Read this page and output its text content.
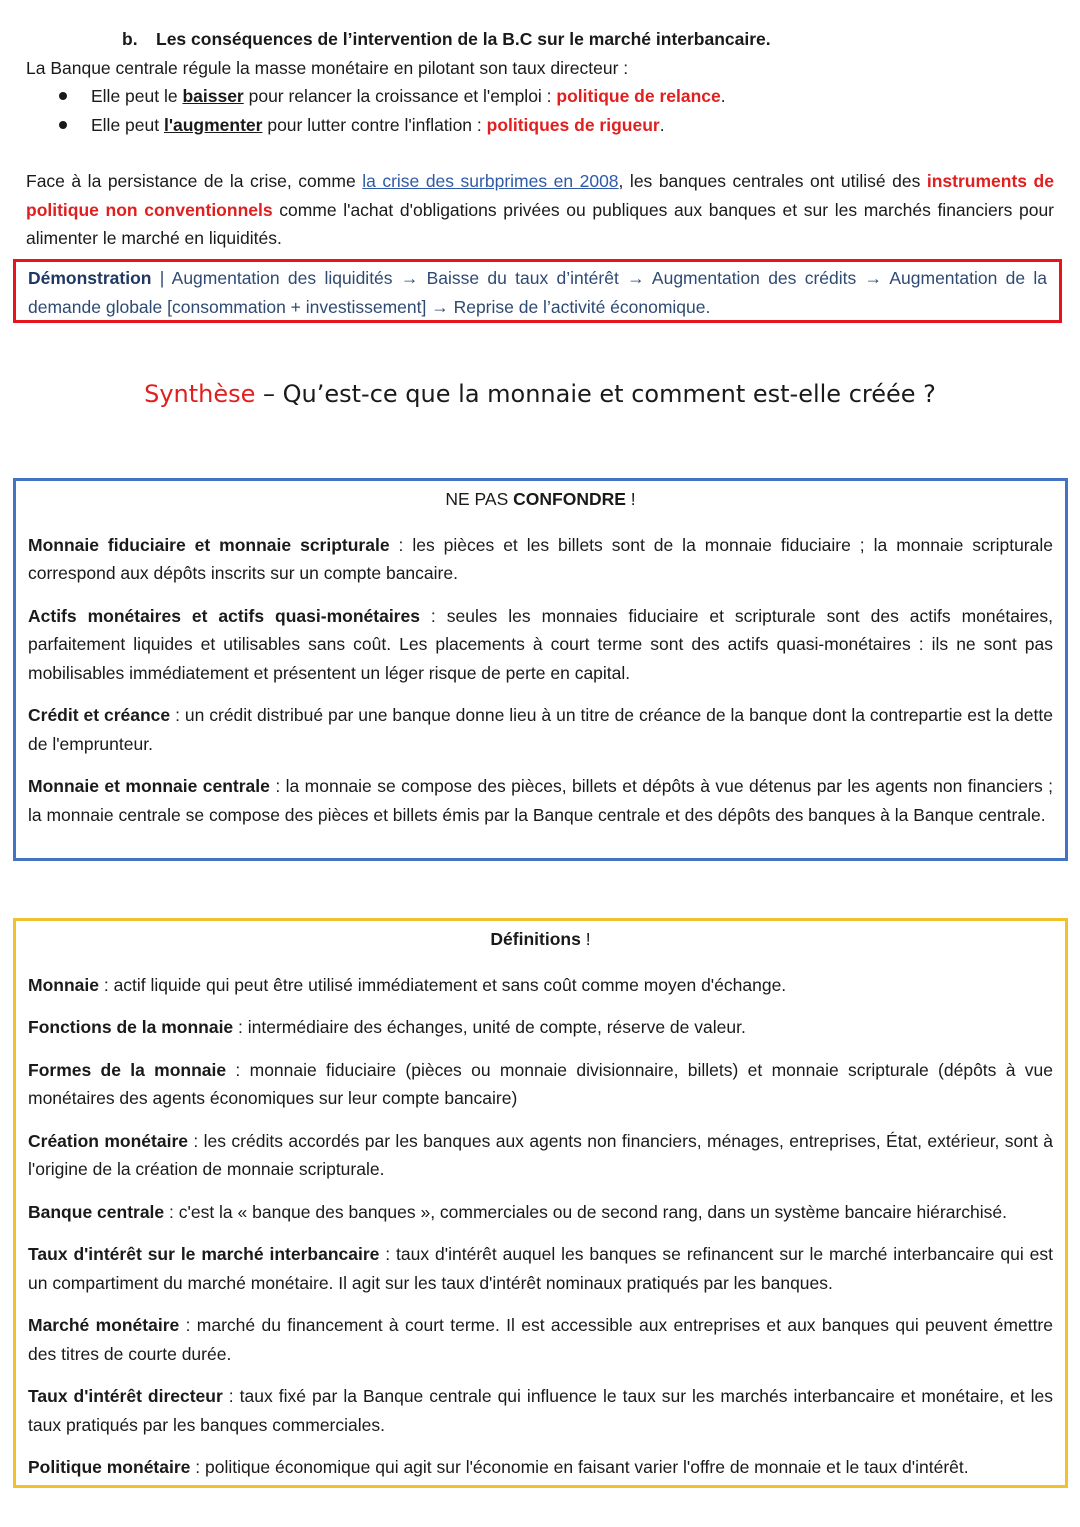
b. Les conséquences de l’intervention de la B.C sur le marché interbancaire.
La Banque centrale régule la masse monétaire en pilotant son taux directeur :
Elle peut le baisser pour relancer la croissance et l'emploi : politique de relance.
Elle peut l'augmenter pour lutter contre l'inflation : politiques de rigueur.

Face à la persistance de la crise, comme la crise des surbprimes en 2008, les banques centrales ont utilisé des instruments de politique non conventionnels comme l'achat d'obligations privées ou publiques aux banques et sur les marchés financiers pour alimenter le marché en liquidités.

Démonstration | Augmentation des liquidités → Baisse du taux d’intérêt → Augmentation des crédits → Augmentation de la demande globale [consommation + investissement] → Reprise de l’activité économique.
Synthèse – Qu’est-ce que la monnaie et comment est-elle créée ?
NE PAS CONFONDRE !

Monnaie fiduciaire et monnaie scripturale : les pièces et les billets sont de la monnaie fiduciaire ; la monnaie scripturale correspond aux dépôts inscrits sur un compte bancaire.

Actifs monétaires et actifs quasi-monétaires : seules les monnaies fiduciaire et scripturale sont des actifs monétaires, parfaitement liquides et utilisables sans coût. Les placements à court terme sont des actifs quasi-monétaires : ils ne sont pas mobilisables immédiatement et présentent un léger risque de perte en capital.

Crédit et créance : un crédit distribué par une banque donne lieu à un titre de créance de la banque dont la contrepartie est la dette de l'emprunteur.

Monnaie et monnaie centrale : la monnaie se compose des pièces, billets et dépôts à vue détenus par les agents non financiers ; la monnaie centrale se compose des pièces et billets émis par la Banque centrale et des dépôts des banques à la Banque centrale.

Définitions !

Monnaie : actif liquide qui peut être utilisé immédiatement et sans coût comme moyen d'échange.

Fonctions de la monnaie : intermédiaire des échanges, unité de compte, réserve de valeur.

Formes de la monnaie : monnaie fiduciaire (pièces ou monnaie divisionnaire, billets) et monnaie scripturale (dépôts à vue monétaires des agents économiques sur leur compte bancaire)

Création monétaire : les crédits accordés par les banques aux agents non financiers, ménages, entreprises, État, extérieur, sont à l'origine de la création de monnaie scripturale.

Banque centrale : c'est la « banque des banques », commerciales ou de second rang, dans un système bancaire hiérarchisé.

Taux d'intérêt sur le marché interbancaire : taux d'intérêt auquel les banques se refinancent sur le marché interbancaire qui est un compartiment du marché monétaire. Il agit sur les taux d'intérêt nominaux pratiqués par les banques.

Marché monétaire : marché du financement à court terme. Il est accessible aux entreprises et aux banques qui peuvent émettre des titres de courte durée.

Taux d'intérêt directeur : taux fixé par la Banque centrale qui influence le taux sur les marchés interbancaire et monétaire, et les taux pratiqués par les banques commerciales.

Politique monétaire : politique économique qui agit sur l'économie en faisant varier l'offre de monnaie et le taux d'intérêt.
